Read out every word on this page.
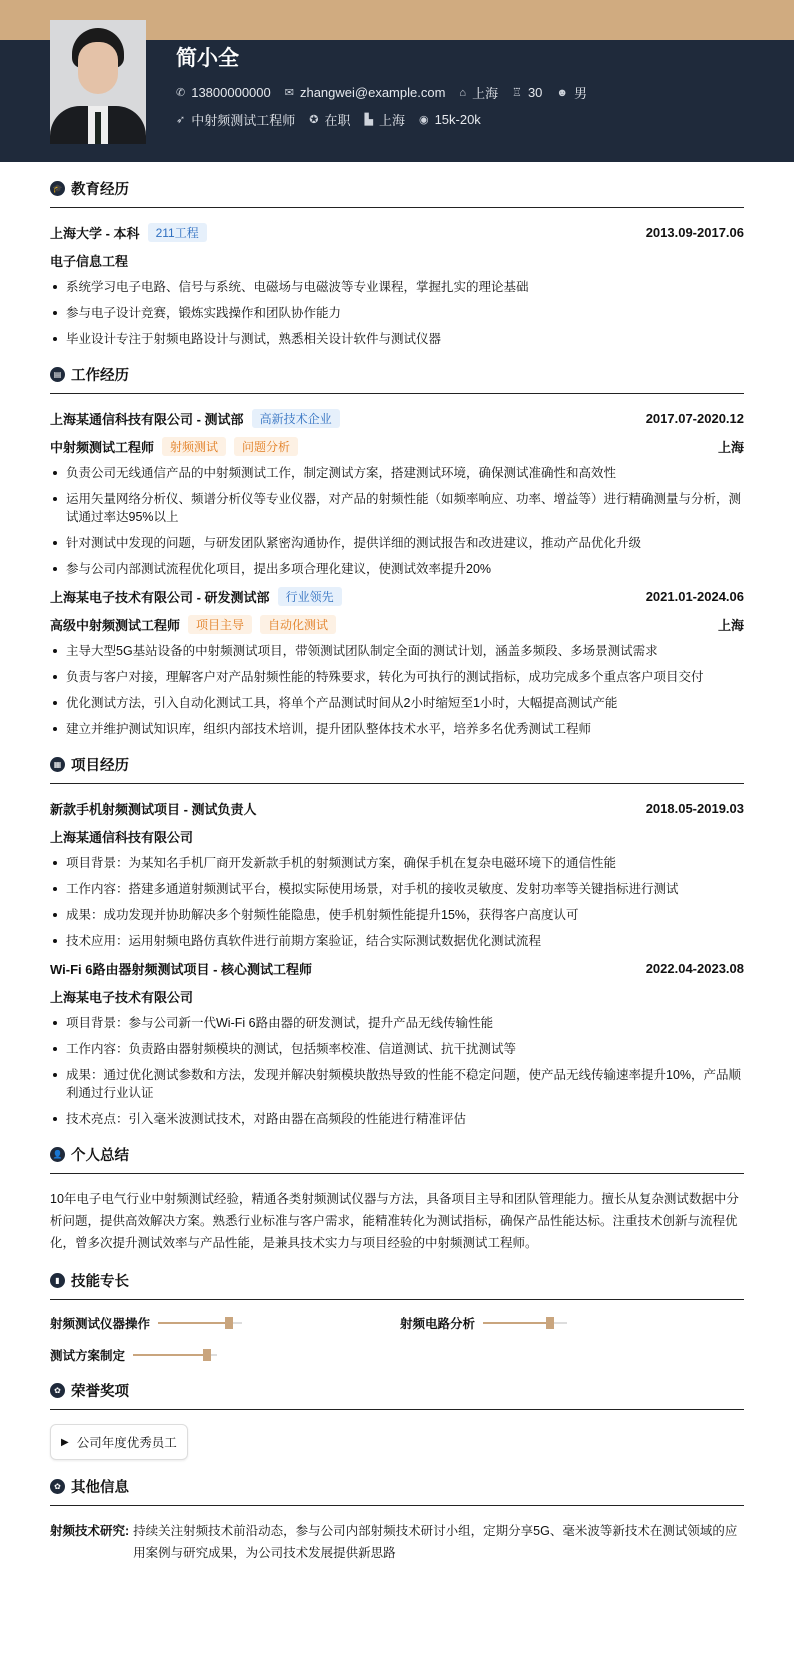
简小全
✆ 13800000000 ✉ zhangwei@example.com ⌂ 上海 ♖ 30 ☻ 男
➶ 中射频测试工程师 ✪ 在职 ▙ 上海 ◉ 15k-20k
🎓 教育经历
上海大学 - 本科	211工程	2013.09-2017.06
电子信息工程
系统学习电子电路、信号与系统、电磁场与电磁波等专业课程，掌握扎实的理论基础
参与电子设计竞赛，锻炼实践操作和团队协作能力
毕业设计专注于射频电路设计与测试，熟悉相关设计软件与测试仪器
▤ 工作经历
上海某通信科技有限公司 - 测试部	高新技术企业	2017.07-2020.12
中射频测试工程师	射频测试	问题分析	上海
负责公司无线通信产品的中射频测试工作，制定测试方案，搭建测试环境，确保测试准确性和高效性
运用矢量网络分析仪、频谱分析仪等专业仪器，对产品的射频性能（如频率响应、功率、增益等）进行精确测量与分析，测试通过率达95%以上
针对测试中发现的问题，与研发团队紧密沟通协作，提供详细的测试报告和改进建议，推动产品优化升级
参与公司内部测试流程优化项目，提出多项合理化建议，使测试效率提升20%
上海某电子技术有限公司 - 研发测试部	行业领先	2021.01-2024.06
高级中射频测试工程师	项目主导	自动化测试	上海
主导大型5G基站设备的中射频测试项目，带领测试团队制定全面的测试计划，涵盖多频段、多场景测试需求
负责与客户对接，理解客户对产品射频性能的特殊要求，转化为可执行的测试指标，成功完成多个重点客户项目交付
优化测试方法，引入自动化测试工具，将单个产品测试时间从2小时缩短至1小时，大幅提高测试产能
建立并维护测试知识库，组织内部技术培训，提升团队整体技术水平，培养多名优秀测试工程师
▦ 项目经历
新款手机射频测试项目 - 测试负责人	2018.05-2019.03
上海某通信科技有限公司
项目背景：为某知名手机厂商开发新款手机的射频测试方案，确保手机在复杂电磁环境下的通信性能
工作内容：搭建多通道射频测试平台，模拟实际使用场景，对手机的接收灵敏度、发射功率等关键指标进行测试
成果：成功发现并协助解决多个射频性能隐患，使手机射频性能提升15%，获得客户高度认可
技术应用：运用射频电路仿真软件进行前期方案验证，结合实际测试数据优化测试流程
Wi-Fi 6路由器射频测试项目 - 核心测试工程师	2022.04-2023.08
上海某电子技术有限公司
项目背景：参与公司新一代Wi-Fi 6路由器的研发测试，提升产品无线传输性能
工作内容：负责路由器射频模块的测试，包括频率校准、信道测试、抗干扰测试等
成果：通过优化测试参数和方法，发现并解决射频模块散热导致的性能不稳定问题，使产品无线传输速率提升10%，产品顺利通过行业认证
技术亮点：引入毫米波测试技术，对路由器在高频段的性能进行精准评估
👤 个人总结

10年电子电气行业中射频测试经验，精通各类射频测试仪器与方法，具备项目主导和团队管理能力。擅长从复杂测试数据中分析问题，提供高效解决方案。熟悉行业标准与客户需求，能精准转化为测试指标，确保产品性能达标。注重技术创新与流程优化，曾多次提升测试效率与产品性能，是兼具技术实力与项目经验的中射频测试工程师。

▮ 技能专长
射频测试仪器操作	射频电路分析
测试方案制定
✿ 荣誉奖项
▶ 公司年度优秀员工
✿ 其他信息
射频技术研究: 持续关注射频技术前沿动态，参与公司内部射频技术研讨小组，定期分享5G、毫米波等新技术在测试领域的应用案例与研究成果，为公司技术发展提供新思路
